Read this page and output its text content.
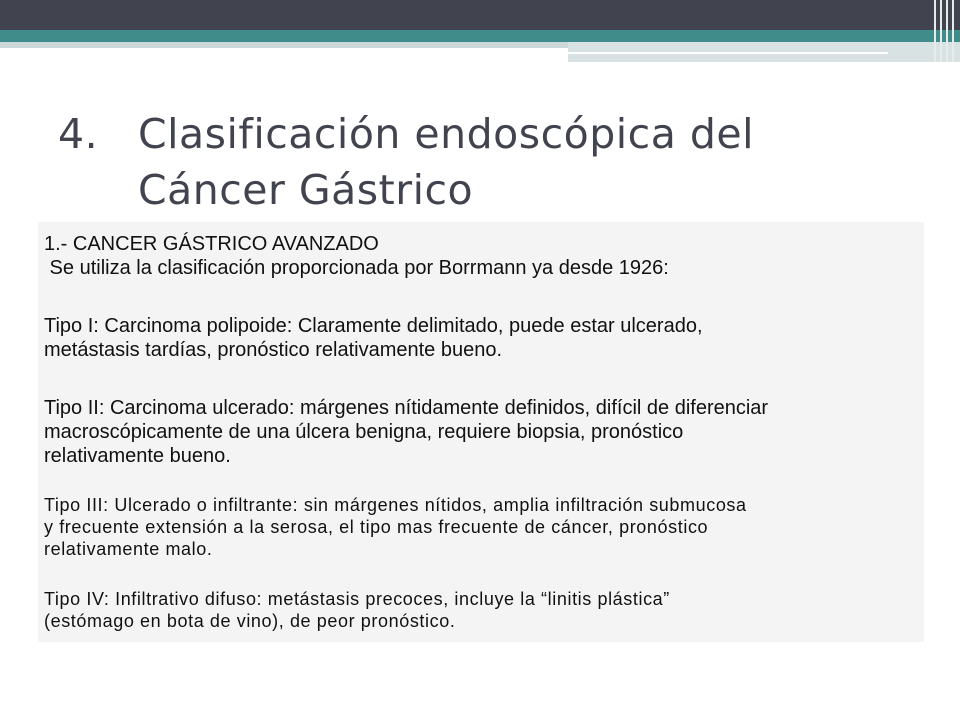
4. Clasificación endoscópica del
Cáncer Gástrico

1.- CANCER GÁSTRICO AVANZADO
Se utiliza la clasificación proporcionada por Borrmann ya desde 1926:

Tipo I: Carcinoma polipoide: Claramente delimitado, puede estar ulcerado,
metástasis tardías, pronóstico relativamente bueno.

Tipo II: Carcinoma ulcerado: márgenes nítidamente definidos, difícil de diferenciar
macroscópicamente de una úlcera benigna, requiere biopsia, pronóstico
relativamente bueno.

Tipo III: Ulcerado o infiltrante: sin márgenes nítidos, amplia infiltración submucosa
y frecuente extensión a la serosa, el tipo mas frecuente de cáncer, pronóstico
relativamente malo.

Tipo IV: Infiltrativo difuso: metástasis precoces, incluye la “linitis plástica”
(estómago en bota de vino), de peor pronóstico.
